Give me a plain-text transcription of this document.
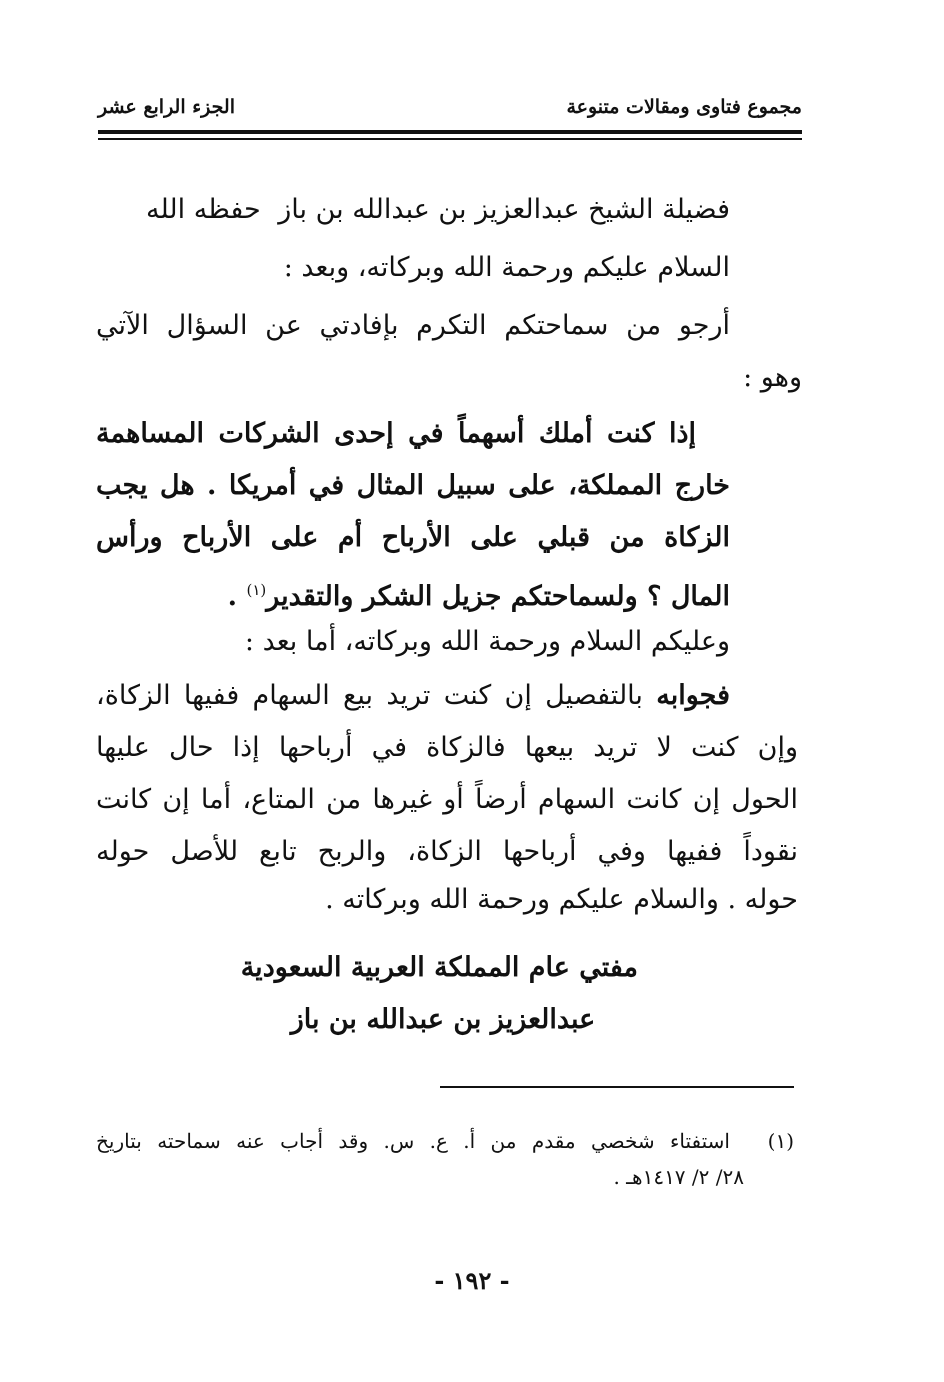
مجموع فتاوى ومقالات متنوعة
الجزء الرابع عشر
فضيلة الشيخ عبدالعزيز بن عبدالله بن باز
حفظه الله
السلام عليكم ورحمة الله وبركاته، وبعد :
أرجو من سماحتكم التكرم بإفادتي عن السؤال الآتي
وهو :
إذا كنت أملك أسهماً في إحدى الشركات المساهمة
خارج المملكة، على سبيل المثال في أمريكا . هل يجب
الزكاة من قبلي على الأرباح أم على الأرباح ورأس
المال ؟ ولسماحتكم جزيل الشكر والتقدير$^{(١)}$ .
وعليكم السلام ورحمة الله وبركاته، أما بعد :
فجوابه بالتفصيل إن كنت تريد بيع السهام ففيها الزكاة،
وإن كنت لا تريد بيعها فالزكاة في أرباحها إذا حال عليها
الحول إن كانت السهام أرضاً أو غيرها من المتاع، أما إن كانت
نقوداً ففيها وفي أرباحها الزكاة، والربح تابع للأصل حوله
حوله . والسلام عليكم ورحمة الله وبركاته .
مفتي عام المملكة العربية السعودية
عبدالعزيز بن عبدالله بن باز
(١)
استفتاء شخصي مقدم من أ. ع. س. وقد أجاب عنه سماحته بتاريخ
٢٨/ ٢/ ١٤١٧هـ .
- ١٩٢ -
